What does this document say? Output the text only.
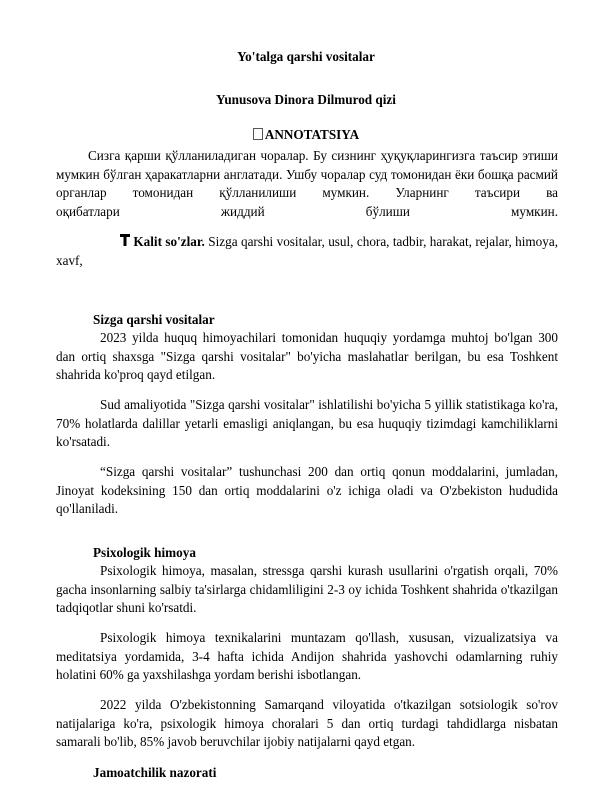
Yo'talga qarshi vositalar
Yunusova Dinora Dilmurod qizi
ANNOTATSIYA
Сизга қарши қўлланиладиган чоралар. Бу сизнинг ҳуқуқларингизга таъсир этиши мумкин бўлган ҳаракатларни англатади. Ушбу чоралар суд томонидан ёки бошқа расмий органлар томонидан қўлланилиши мумкин. Уларнинг таъсири ва
оқибатлари жиддий бўлиши мумкин.
Kalit so'zlar. Sizga qarshi vositalar, usul, chora, tadbir, harakat, rejalar, himoya, xavf,
Sizga qarshi vositalar
2023 yilda huquq himoyachilari tomonidan huquqiy yordamga muhtoj bo'lgan 300 dan ortiq shaxsga "Sizga qarshi vositalar" bo'yicha maslahatlar berilgan, bu esa Toshkent shahrida ko'proq qayd etilgan.
Sud amaliyotida "Sizga qarshi vositalar" ishlatilishi bo'yicha 5 yillik statistikaga ko'ra, 70% holatlarda dalillar yetarli emasligi aniqlangan, bu esa huquqiy tizimdagi kamchiliklarni ko'rsatadi.
“Sizga qarshi vositalar” tushunchasi 200 dan ortiq qonun moddalarini, jumladan, Jinoyat kodeksining 150 dan ortiq moddalarini o'z ichiga oladi va O'zbekiston hududida qo'llaniladi.
Psixologik himoya
Psixologik himoya, masalan, stressga qarshi kurash usullarini o'rgatish orqali, 70% gacha insonlarning salbiy ta'sirlarga chidamliligini 2-3 oy ichida Toshkent shahrida o'tkazilgan tadqiqotlar shuni ko'rsatdi.
Psixologik himoya texnikalarini muntazam qo'llash, xususan, vizualizatsiya va meditatsiya yordamida, 3-4 hafta ichida Andijon shahrida yashovchi odamlarning ruhiy holatini 60% ga yaxshilashga yordam berishi isbotlangan.
2022 yilda O'zbekistonning Samarqand viloyatida o'tkazilgan sotsiologik so'rov natijalariga ko'ra, psixologik himoya choralari 5 dan ortiq turdagi tahdidlarga nisbatan samarali bo'lib, 85% javob beruvchilar ijobiy natijalarni qayd etgan.
Jamoatchilik nazorati
